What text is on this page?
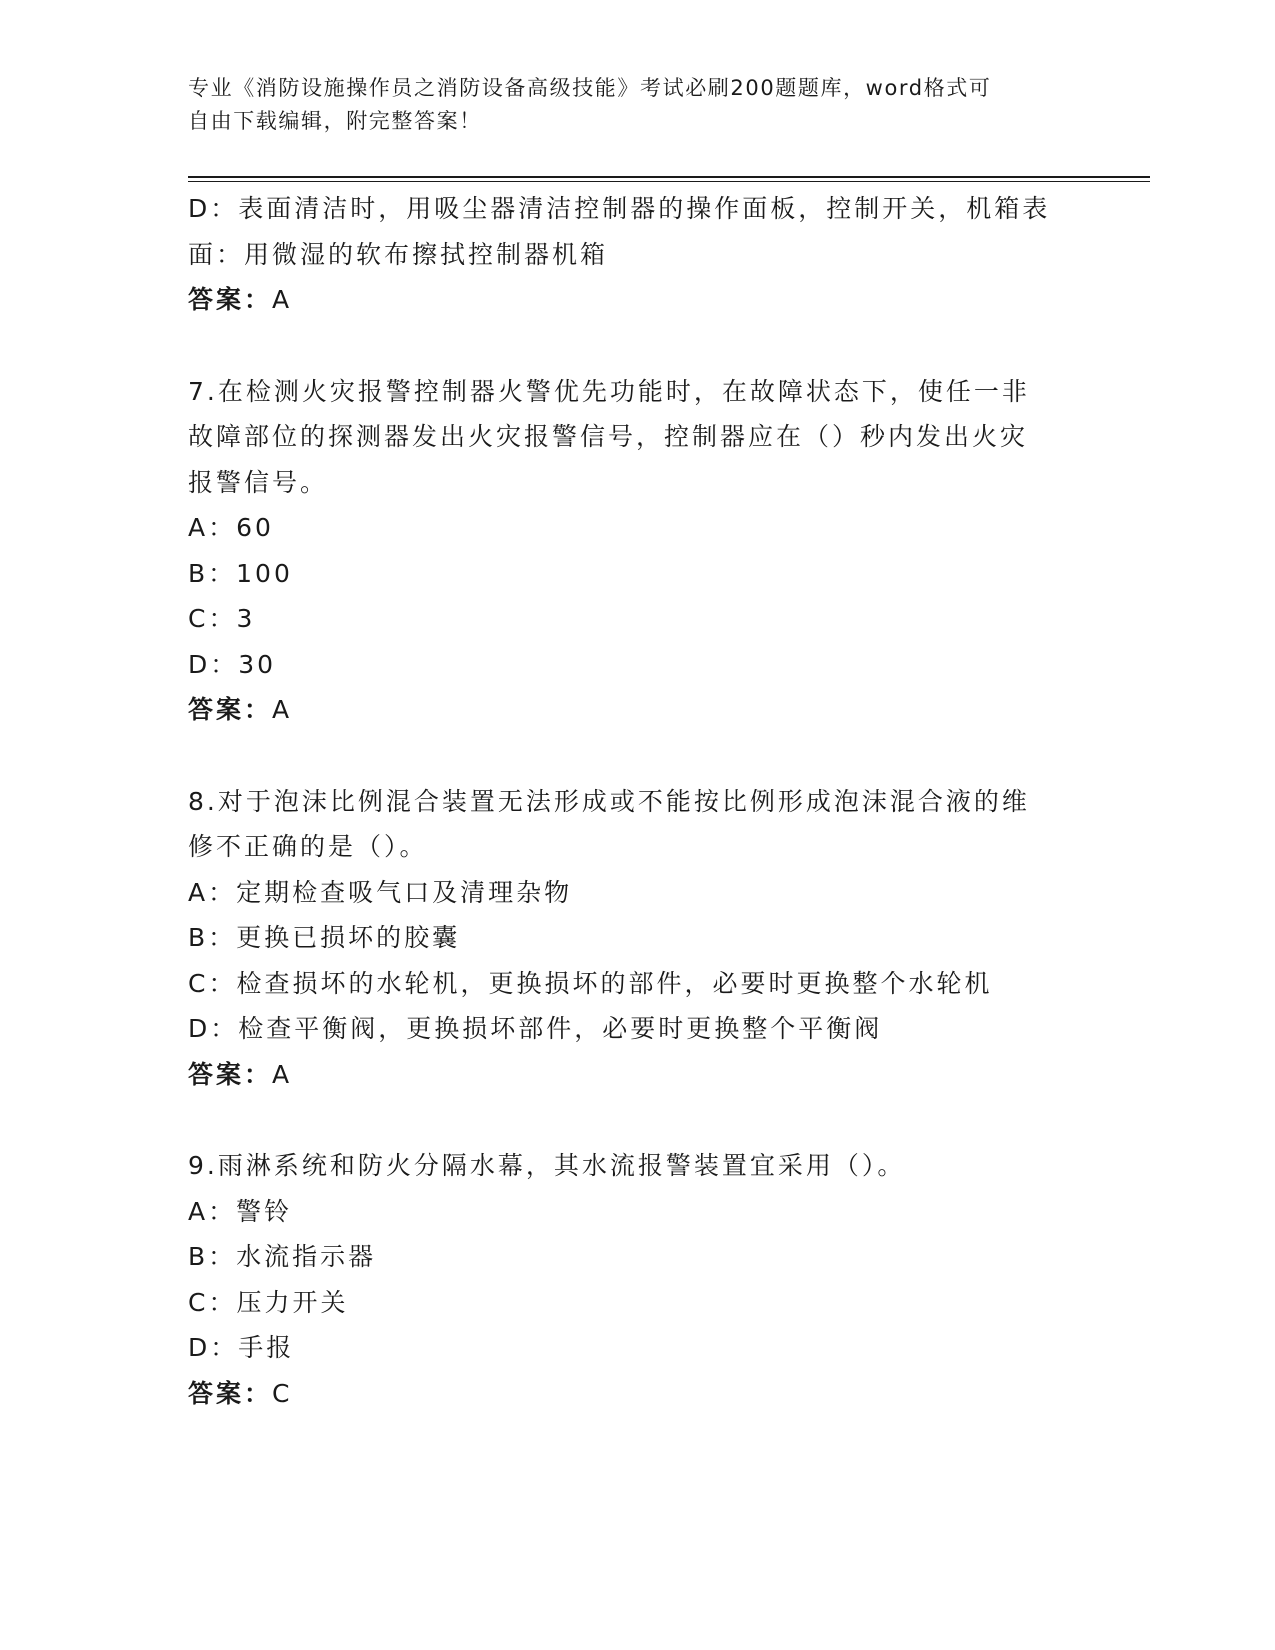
专业《消防设施操作员之消防设备高级技能》考试必刷200题题库，word格式可

自由下载编辑，附完整答案！

D：表面清洁时，用吸尘器清洁控制器的操作面板，控制开关，机箱表
面：用微湿的软布擦拭控制器机箱
答案：A
7.在检测火灾报警控制器火警优先功能时，在故障状态下，使任一非
故障部位的探测器发出火灾报警信号，控制器应在（）秒内发出火灾
报警信号。
A：60
B：100
C：3
D：30
答案：A
8.对于泡沫比例混合装置无法形成或不能按比例形成泡沫混合液的维
修不正确的是（）。
A：定期检查吸气口及清理杂物
B：更换已损坏的胶囊
C：检查损坏的水轮机，更换损坏的部件，必要时更换整个水轮机
D：检查平衡阀，更换损坏部件，必要时更换整个平衡阀
答案：A
9.雨淋系统和防火分隔水幕，其水流报警装置宜采用（）。
A：警铃
B：水流指示器
C：压力开关
D：手报
答案：C
